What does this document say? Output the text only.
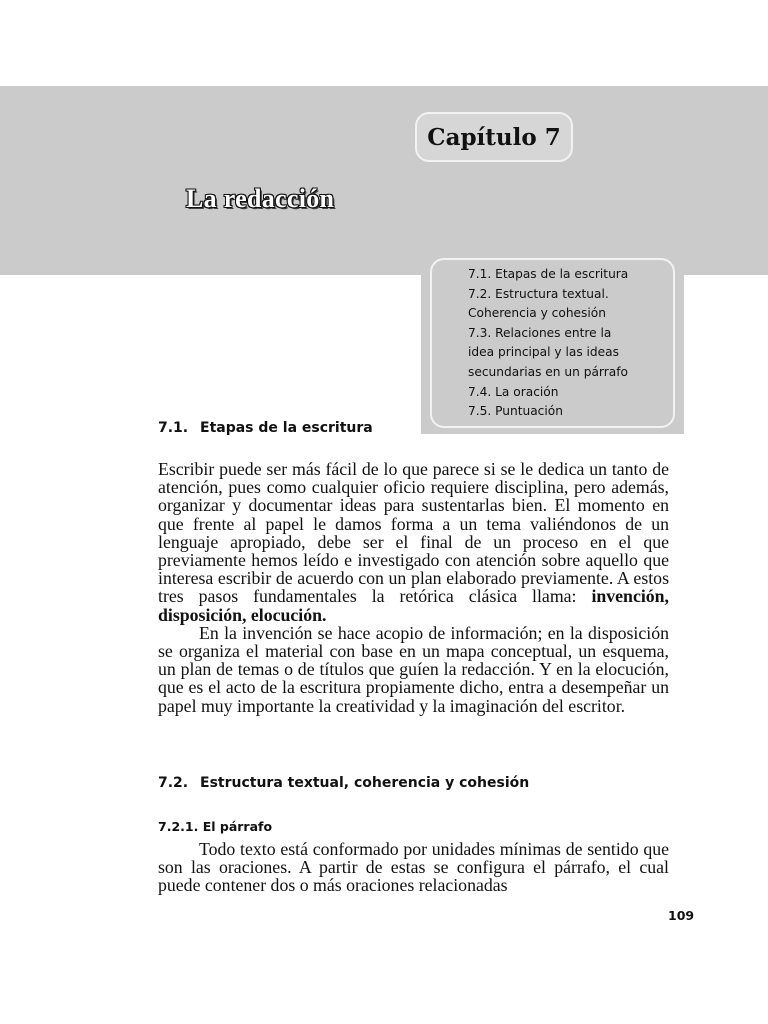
Capítulo 7
La redacción
7.1. Etapas de la escritura
7.2. Estructura textual.
Coherencia y cohesión
7.3. Relaciones entre la
idea principal y las ideas
secundarias en un párrafo
7.4. La oración
7.5. Puntuación
7.1. Etapas de la escritura

Escribir puede ser más fácil de lo que parece si se le dedica un tanto de atención, pues como cualquier oficio requiere disciplina, pero además, organizar y documentar ideas para sustentarlas bien. El momento en que frente al papel le damos forma a un tema valiéndonos de un lenguaje apropiado, debe ser el final de un proceso en el que previamente hemos leído e investigado con atención sobre aquello que interesa escribir de acuerdo con un plan elaborado previamente. A estos tres pasos fundamentales la retórica clásica llama: invención, disposición, elocución.

En la invención se hace acopio de información; en la disposición se organiza el material con base en un mapa conceptual, un esquema, un plan de temas o de títulos que guíen la redacción. Y en la elocución, que es el acto de la escritura propiamente dicho, entra a desempeñar un papel muy importante la creatividad y la imaginación del escritor.

7.2. Estructura textual, coherencia y cohesión
7.2.1. El párrafo

Todo texto está conformado por unidades mínimas de sentido que son las oraciones. A partir de estas se configura el párrafo, el cual puede contener dos o más oraciones relacionadas

109
